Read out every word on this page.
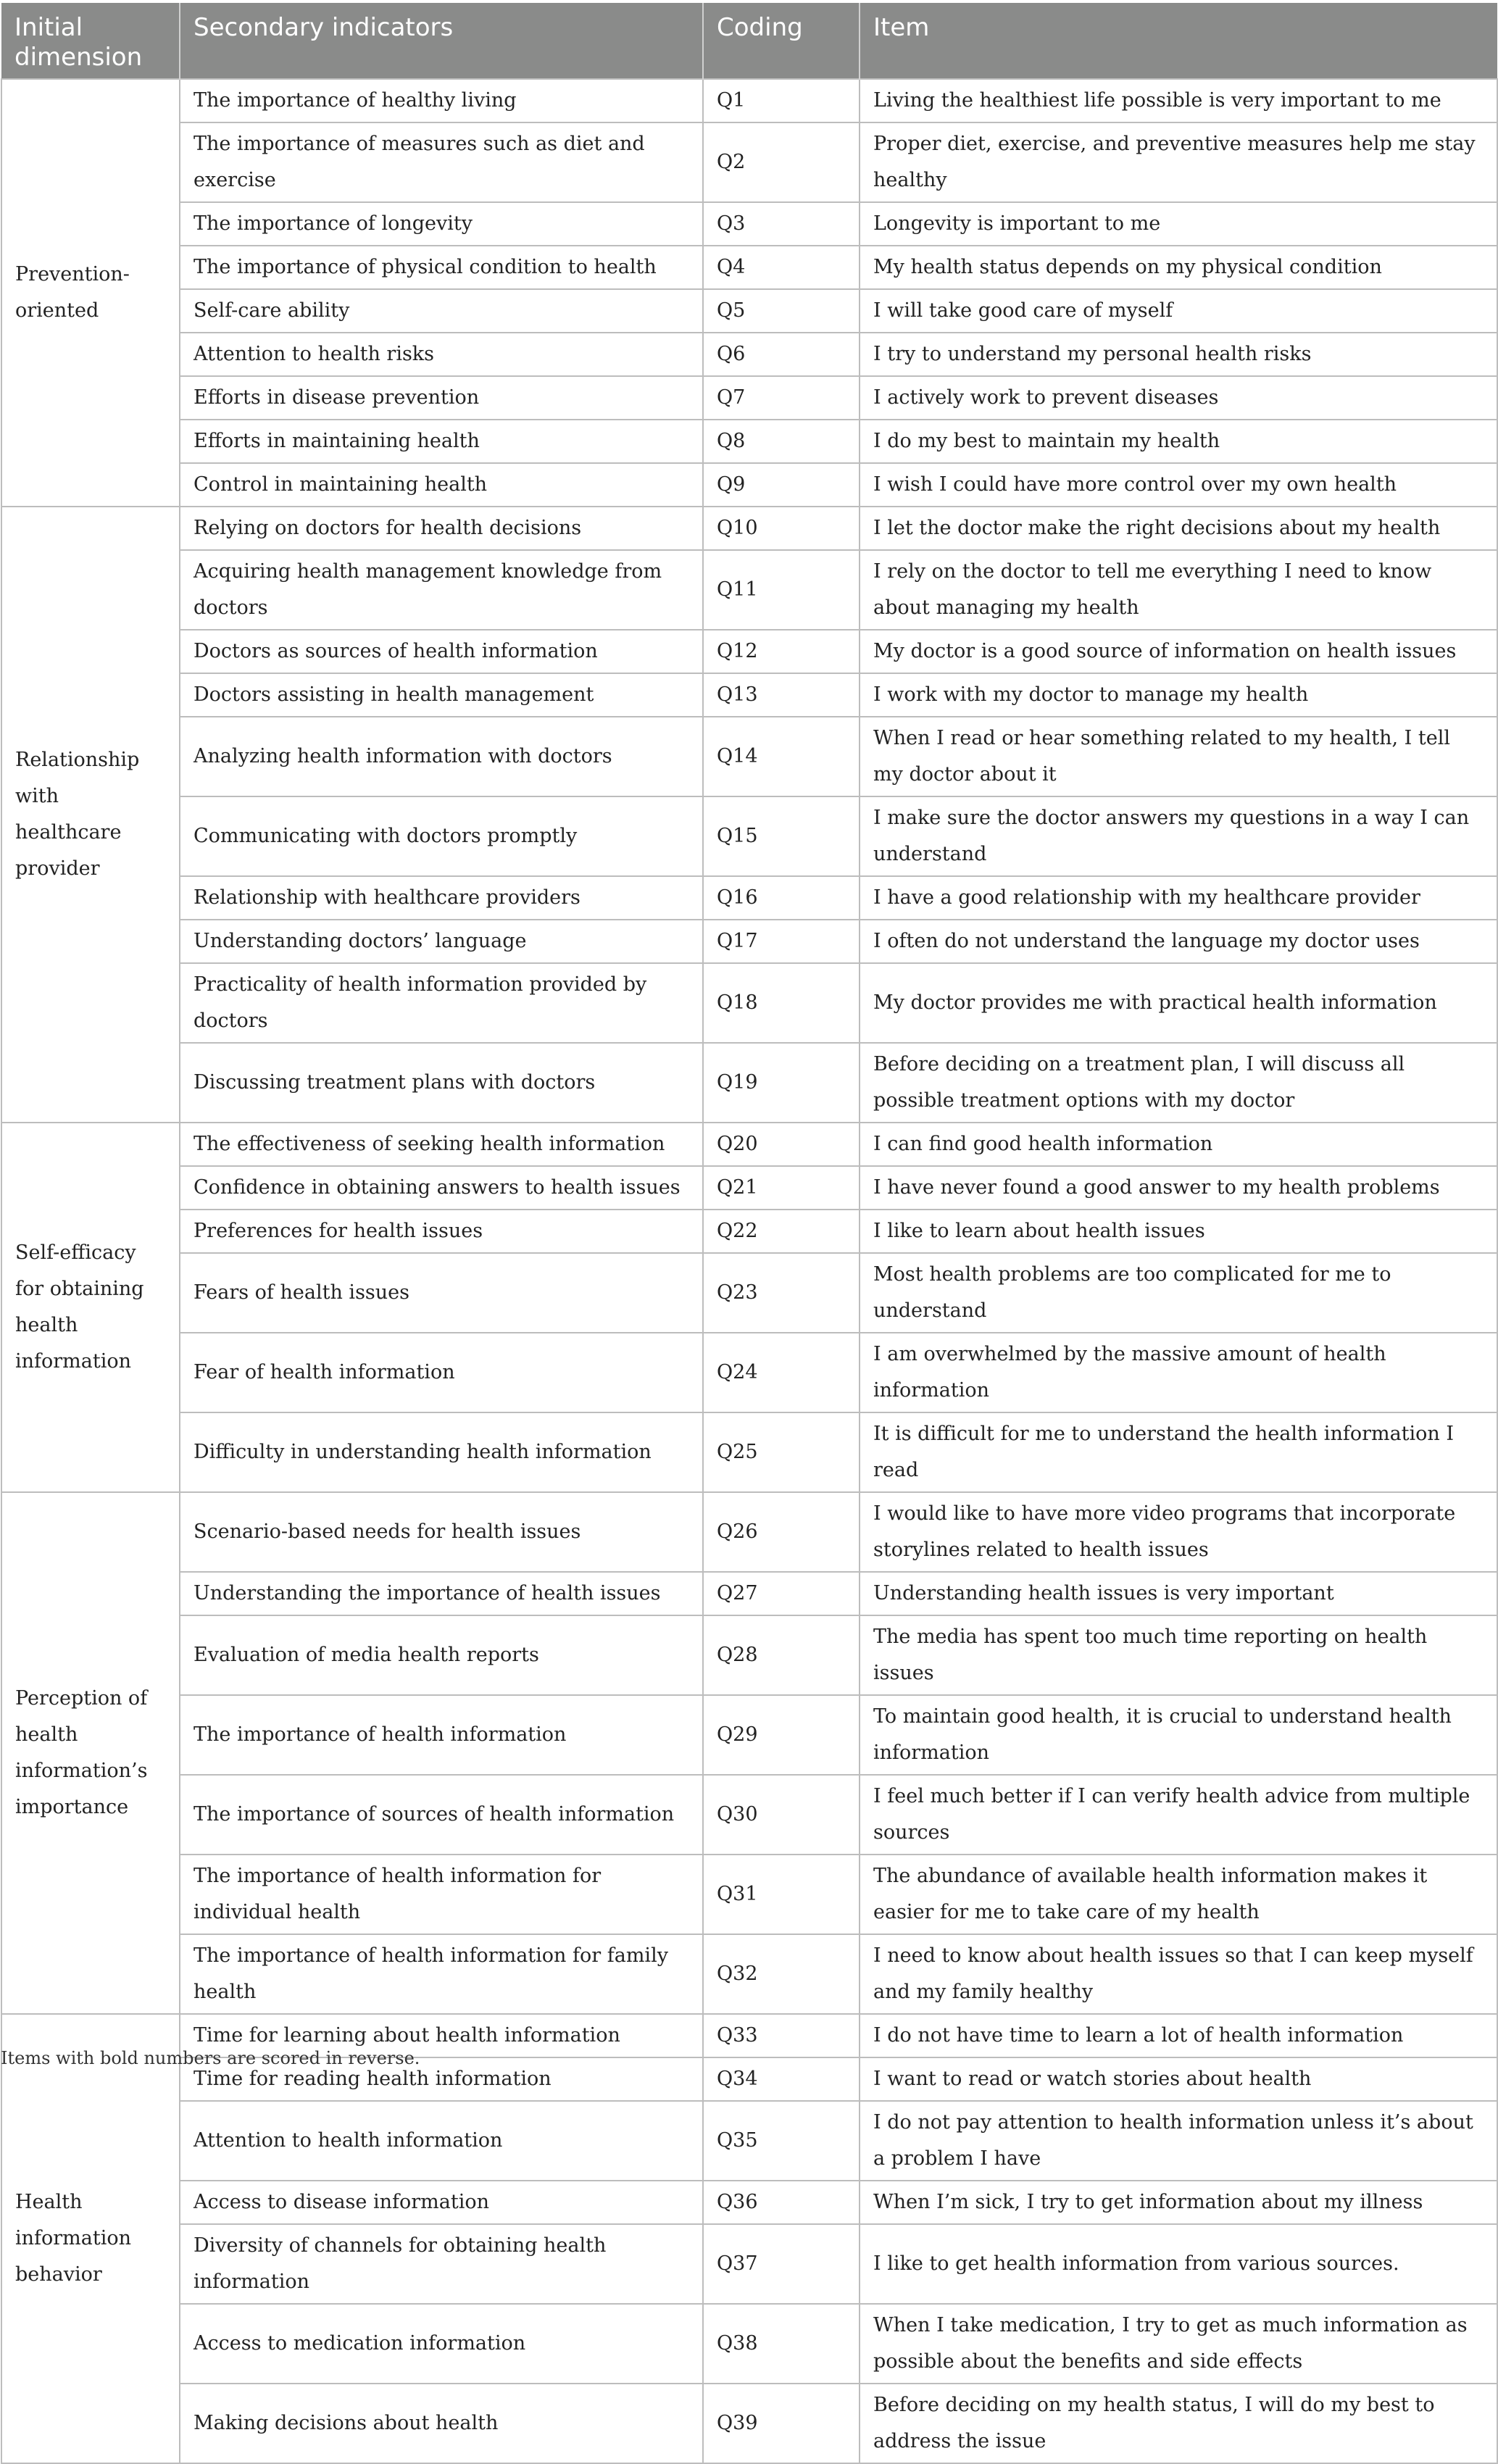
Initial dimension	Secondary indicators	Coding	Item
Prevention-oriented	The importance of healthy living	Q1	Living the healthiest life possible is very important to me
	The importance of measures such as diet and exercise	Q2	Proper diet, exercise, and preventive measures help me stay healthy
	The importance of longevity	Q3	Longevity is important to me
	The importance of physical condition to health	Q4	My health status depends on my physical condition
	Self-care ability	Q5	I will take good care of myself
	Attention to health risks	Q6	I try to understand my personal health risks
	Efforts in disease prevention	Q7	I actively work to prevent diseases
	Efforts in maintaining health	Q8	I do my best to maintain my health
	Control in maintaining health	Q9	I wish I could have more control over my own health
Relationship with healthcare provider	Relying on doctors for health decisions	Q10	I let the doctor make the right decisions about my health
	Acquiring health management knowledge from doctors	Q11	I rely on the doctor to tell me everything I need to know about managing my health
	Doctors as sources of health information	Q12	My doctor is a good source of information on health issues
	Doctors assisting in health management	Q13	I work with my doctor to manage my health
	Analyzing health information with doctors	Q14	When I read or hear something related to my health, I tell my doctor about it
	Communicating with doctors promptly	Q15	I make sure the doctor answers my questions in a way I can understand
	Relationship with healthcare providers	Q16	I have a good relationship with my healthcare provider
	Understanding doctors’ language	Q17	I often do not understand the language my doctor uses
	Practicality of health information provided by doctors	Q18	My doctor provides me with practical health information
	Discussing treatment plans with doctors	Q19	Before deciding on a treatment plan, I will discuss all possible treatment options with my doctor
Self-efficacy for obtaining health information	The effectiveness of seeking health information	Q20	I can find good health information
	Confidence in obtaining answers to health issues	Q21	I have never found a good answer to my health problems
	Preferences for health issues	Q22	I like to learn about health issues
	Fears of health issues	Q23	Most health problems are too complicated for me to understand
	Fear of health information	Q24	I am overwhelmed by the massive amount of health information
	Difficulty in understanding health information	Q25	It is difficult for me to understand the health information I read
Perception of health information’s importance	Scenario-based needs for health issues	Q26	I would like to have more video programs that incorporate storylines related to health issues
	Understanding the importance of health issues	Q27	Understanding health issues is very important
	Evaluation of media health reports	Q28	The media has spent too much time reporting on health issues
	The importance of health information	Q29	To maintain good health, it is crucial to understand health information
	The importance of sources of health information	Q30	I feel much better if I can verify health advice from multiple sources
	The importance of health information for individual health	Q31	The abundance of available health information makes it easier for me to take care of my health
	The importance of health information for family health	Q32	I need to know about health issues so that I can keep myself and my family healthy
Health information behavior	Time for learning about health information	Q33	I do not have time to learn a lot of health information
	Time for reading health information	Q34	I want to read or watch stories about health
	Attention to health information	Q35	I do not pay attention to health information unless it’s about a problem I have
	Access to disease information	Q36	When I’m sick, I try to get information about my illness
	Diversity of channels for obtaining health information	Q37	I like to get health information from various sources.
	Access to medication information	Q38	When I take medication, I try to get as much information as possible about the benefits and side effects
	Making decisions about health	Q39	Before deciding on my health status, I will do my best to address the issue
Items with bold numbers are scored in reverse.
